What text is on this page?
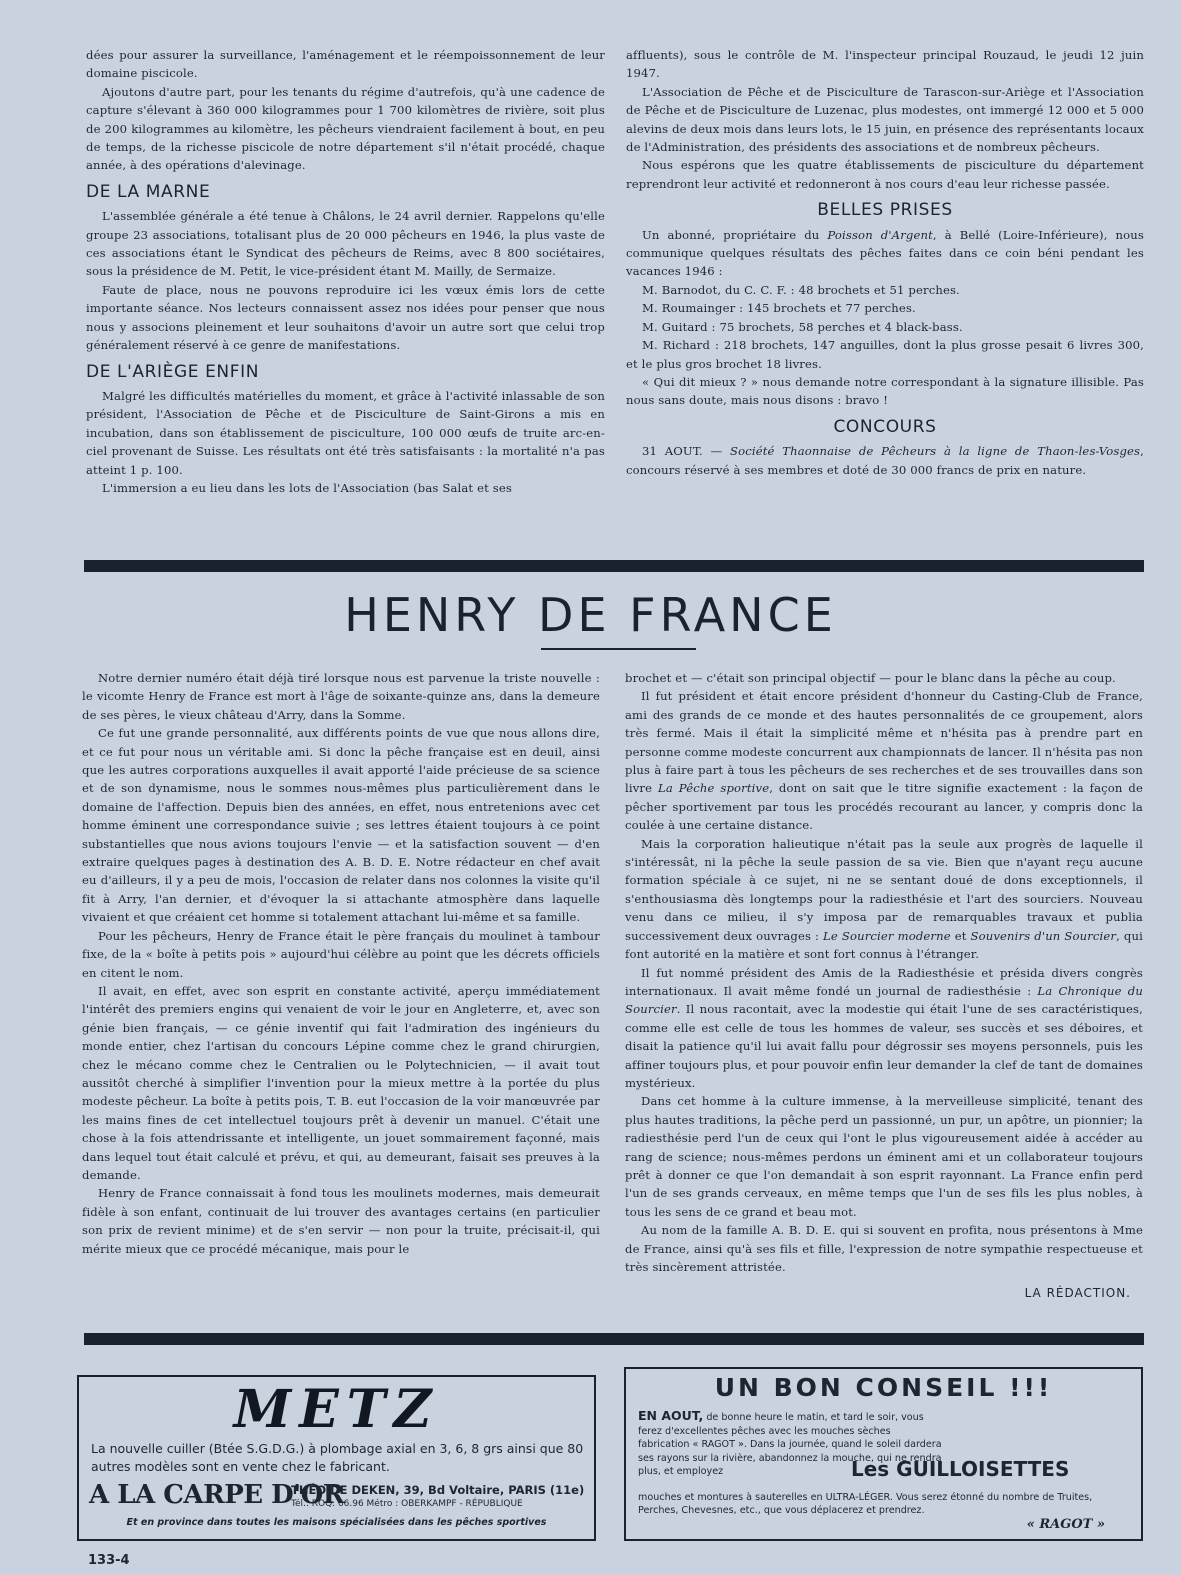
dées pour assurer la surveillance, l'aménagement et le réempoissonnement de leur domaine piscicole.

Ajoutons d'autre part, pour les tenants du régime d'autrefois, qu'à une cadence de capture s'élevant à 360 000 kilogrammes pour 1 700 kilomètres de rivière, soit plus de 200 kilogrammes au kilomètre, les pêcheurs viendraient facilement à bout, en peu de temps, de la richesse piscicole de notre département s'il n'était procédé, chaque année, à des opérations d'alevinage.

DE LA MARNE

L'assemblée générale a été tenue à Châlons, le 24 avril dernier. Rappelons qu'elle groupe 23 associations, totalisant plus de 20 000 pêcheurs en 1946, la plus vaste de ces associations étant le Syndicat des pêcheurs de Reims, avec 8 800 sociétaires, sous la présidence de M. Petit, le vice-président étant M. Mailly, de Sermaize.

Faute de place, nous ne pouvons reproduire ici les vœux émis lors de cette importante séance. Nos lecteurs connaissent assez nos idées pour penser que nous nous y associons pleinement et leur souhaitons d'avoir un autre sort que celui trop généralement réservé à ce genre de manifestations.

DE L'ARIÈGE ENFIN

Malgré les difficultés matérielles du moment, et grâce à l'activité inlassable de son président, l'Association de Pêche et de Pisciculture de Saint-Girons a mis en incubation, dans son établissement de pisciculture, 100 000 œufs de truite arc-en-ciel provenant de Suisse. Les résultats ont été très satisfaisants : la mortalité n'a pas atteint 1 p. 100.

L'immersion a eu lieu dans les lots de l'Association (bas Salat et ses

affluents), sous le contrôle de M. l'inspecteur principal Rouzaud, le jeudi 12 juin 1947.

L'Association de Pêche et de Pisciculture de Tarascon-sur-Ariège et l'Association de Pêche et de Pisciculture de Luzenac, plus modestes, ont immergé 12 000 et 5 000 alevins de deux mois dans leurs lots, le 15 juin, en présence des représentants locaux de l'Administration, des présidents des associations et de nombreux pêcheurs.

Nous espérons que les quatre établissements de pisciculture du département reprendront leur activité et redonneront à nos cours d'eau leur richesse passée.

BELLES PRISES

Un abonné, propriétaire du Poisson d'Argent, à Bellé (Loire-Inférieure), nous communique quelques résultats des pêches faites dans ce coin béni pendant les vacances 1946 :

M. Barnodot, du C. C. F. : 48 brochets et 51 perches.

M. Roumainger : 145 brochets et 77 perches.

M. Guitard : 75 brochets, 58 perches et 4 black-bass.

M. Richard : 218 brochets, 147 anguilles, dont la plus grosse pesait 6 livres 300, et le plus gros brochet 18 livres.

« Qui dit mieux ? » nous demande notre correspondant à la signature illisible. Pas nous sans doute, mais nous disons : bravo !

CONCOURS

31 AOUT. — Société Thaonnaise de Pêcheurs à la ligne de Thaon-les-Vosges, concours réservé à ses membres et doté de 30 000 francs de prix en nature.

HENRY DE FRANCE

Notre dernier numéro était déjà tiré lorsque nous est parvenue la triste nouvelle : le vicomte Henry de France est mort à l'âge de soixante-quinze ans, dans la demeure de ses pères, le vieux château d'Arry, dans la Somme.

Ce fut une grande personnalité, aux différents points de vue que nous allons dire, et ce fut pour nous un véritable ami. Si donc la pêche française est en deuil, ainsi que les autres corporations auxquelles il avait apporté l'aide précieuse de sa science et de son dynamisme, nous le sommes nous-mêmes plus particulièrement dans le domaine de l'affection. Depuis bien des années, en effet, nous entretenions avec cet homme éminent une correspondance suivie ; ses lettres étaient toujours à ce point substantielles que nous avions toujours l'envie — et la satisfaction souvent — d'en extraire quelques pages à destination des A. B. D. E. Notre rédacteur en chef avait eu d'ailleurs, il y a peu de mois, l'occasion de relater dans nos colonnes la visite qu'il fit à Arry, l'an dernier, et d'évoquer la si attachante atmosphère dans laquelle vivaient et que créaient cet homme si totalement attachant lui-même et sa famille.

Pour les pêcheurs, Henry de France était le père français du moulinet à tambour fixe, de la « boîte à petits pois » aujourd'hui célèbre au point que les décrets officiels en citent le nom.

Il avait, en effet, avec son esprit en constante activité, aperçu immédiatement l'intérêt des premiers engins qui venaient de voir le jour en Angleterre, et, avec son génie bien français, — ce génie inventif qui fait l'admiration des ingénieurs du monde entier, chez l'artisan du concours Lépine comme chez le grand chirurgien, chez le mécano comme chez le Centralien ou le Polytechnicien, — il avait tout aussitôt cherché à simplifier l'invention pour la mieux mettre à la portée du plus modeste pêcheur. La boîte à petits pois, T. B. eut l'occasion de la voir manœuvrée par les mains fines de cet intellectuel toujours prêt à devenir un manuel. C'était une chose à la fois attendrissante et intelligente, un jouet sommairement façonné, mais dans lequel tout était calculé et prévu, et qui, au demeurant, faisait ses preuves à la demande.

Henry de France connaissait à fond tous les moulinets modernes, mais demeurait fidèle à son enfant, continuait de lui trouver des avantages certains (en particulier son prix de revient minime) et de s'en servir — non pour la truite, précisait-il, qui mérite mieux que ce procédé mécanique, mais pour le

brochet et — c'était son principal objectif — pour le blanc dans la pêche au coup.

Il fut président et était encore président d'honneur du Casting-Club de France, ami des grands de ce monde et des hautes personnalités de ce groupement, alors très fermé. Mais il était la simplicité même et n'hésita pas à prendre part en personne comme modeste concurrent aux championnats de lancer. Il n'hésita pas non plus à faire part à tous les pêcheurs de ses recherches et de ses trouvailles dans son livre La Pêche sportive, dont on sait que le titre signifie exactement : la façon de pêcher sportivement par tous les procédés recourant au lancer, y compris donc la coulée à une certaine distance.

Mais la corporation halieutique n'était pas la seule aux progrès de laquelle il s'intéressât, ni la pêche la seule passion de sa vie. Bien que n'ayant reçu aucune formation spéciale à ce sujet, ni ne se sentant doué de dons exceptionnels, il s'enthousiasma dès longtemps pour la radiesthésie et l'art des sourciers. Nouveau venu dans ce milieu, il s'y imposa par de remarquables travaux et publia successivement deux ouvrages : Le Sourcier moderne et Souvenirs d'un Sourcier, qui font autorité en la matière et sont fort connus à l'étranger.

Il fut nommé président des Amis de la Radiesthésie et présida divers congrès internationaux. Il avait même fondé un journal de radiesthésie : La Chronique du Sourcier. Il nous racontait, avec la modestie qui était l'une de ses caractéristiques, comme elle est celle de tous les hommes de valeur, ses succès et ses déboires, et disait la patience qu'il lui avait fallu pour dégrossir ses moyens personnels, puis les affiner toujours plus, et pour pouvoir enfin leur demander la clef de tant de domaines mystérieux.

Dans cet homme à la culture immense, à la merveilleuse simplicité, tenant des plus hautes traditions, la pêche perd un passionné, un pur, un apôtre, un pionnier; la radiesthésie perd l'un de ceux qui l'ont le plus vigoureusement aidée à accéder au rang de science; nous-mêmes perdons un éminent ami et un collaborateur toujours prêt à donner ce que l'on demandait à son esprit rayonnant. La France enfin perd l'un de ses grands cerveaux, en même temps que l'un de ses fils les plus nobles, à tous les sens de ce grand et beau mot.

Au nom de la famille A. B. D. E. qui si souvent en profita, nous présentons à Mme de France, ainsi qu'à ses fils et fille, l'expression de notre sympathie respectueuse et très sincèrement attristée.

LA RÉDACTION.
METZ
La nouvelle cuiller (Btée S.G.D.G.) à plombage axial en 3, 6, 8 grs ainsi que 80 autres modèles sont en vente chez le fabricant.
A LA CARPE D'OR
THÉO DE DEKEN, 39, Bd Voltaire, PARIS (11e)
Tél.: ROQ. 66.96 Métro : OBERKAMPF - RÉPUBLIQUE
Et en province dans toutes les maisons spécialisées dans les pêches sportives
UN BON CONSEIL !!!
EN AOUT, de bonne heure le matin, et tard le soir, vous ferez d'excellentes pêches avec les mouches sèches fabrication « RAGOT ». Dans la journée, quand le soleil dardera ses rayons sur la rivière, abandonnez la mouche, qui ne rendra plus, et employez	Les GUILLOISETTES
mouches et montures à sauterelles en ULTRA-LÉGER. Vous serez étonné du nombre de Truites, Perches, Chevesnes, etc., que vous déplacerez et prendrez.
« RAGOT »
133-4
